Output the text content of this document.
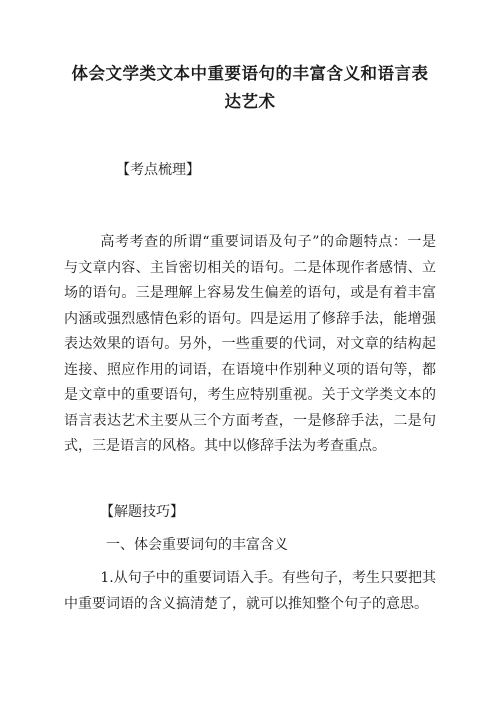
体会文学类文本中重要语句的丰富含义和语言表达艺术
【考点梳理】
高考考查的所谓“重要词语及句子”的命题特点：一是与文章内容、主旨密切相关的语句。二是体现作者感情、立场的语句。三是理解上容易发生偏差的语句，或是有着丰富内涵或强烈感情色彩的语句。四是运用了修辞手法，能增强表达效果的语句。另外，一些重要的代词，对文章的结构起连接、照应作用的词语，在语境中作别种义项的语句等，都是文章中的重要语句，考生应特别重视。关于文学类文本的语言表达艺术主要从三个方面考查，一是修辞手法，二是句式，三是语言的风格。其中以修辞手法为考查重点。
【解题技巧】
一、体会重要词句的丰富含义
1.从句子中的重要词语入手。有些句子，考生只要把其中重要词语的含义搞清楚了，就可以推知整个句子的意思。
